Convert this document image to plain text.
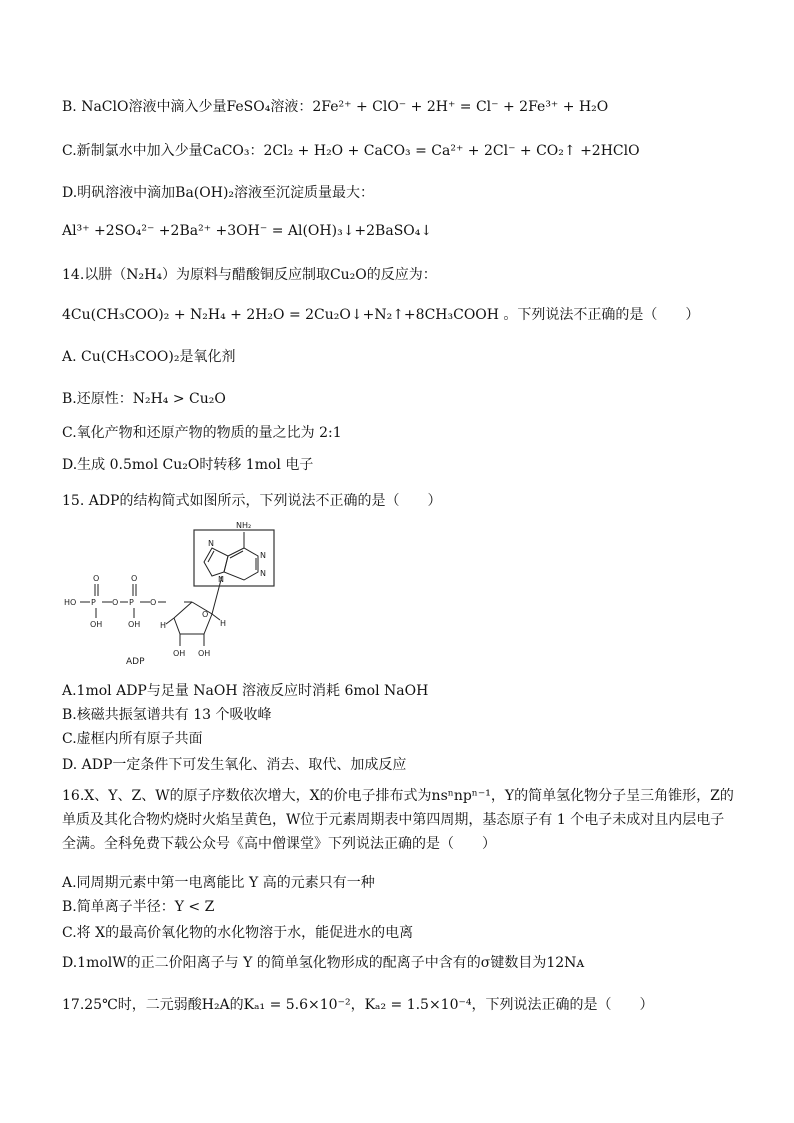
B. NaClO溶液中滴入少量FeSO₄溶液：2Fe²⁺ + ClO⁻ + 2H⁺ = Cl⁻ + 2Fe³⁺ + H₂O
C.新制氯水中加入少量CaCO₃：2Cl₂ + H₂O + CaCO₃ = Ca²⁺ + 2Cl⁻ + CO₂↑ +2HClO
D.明矾溶液中滴加Ba(OH)₂溶液至沉淀质量最大：
Al³⁺ +2SO₄²⁻ +2Ba²⁺ +3OH⁻ = Al(OH)₃↓+2BaSO₄↓
14.以肼（N₂H₄）为原料与醋酸铜反应制取Cu₂O的反应为：
4Cu(CH₃COO)₂ + N₂H₄ + 2H₂O = 2Cu₂O↓+N₂↑+8CH₃COOH 。下列说法不正确的是（　　）
A. Cu(CH₃COO)₂是氧化剂
B.还原性：N₂H₄ > Cu₂O
C.氧化产物和还原产物的物质的量之比为 2:1
D.生成 0.5mol Cu₂O时转移 1mol 电子
15. ADP的结构简式如图所示，下列说法不正确的是（　　）
NH₂
HO P
O
O P
O
O
OH	OH
O
H	H
OH OH
N
N
N
N
ADP
A.1mol ADP与足量 NaOH 溶液反应时消耗 6mol NaOH
B.核磁共振氢谱共有 13 个吸收峰
C.虚框内所有原子共面
D. ADP一定条件下可发生氧化、消去、取代、加成反应
16.X、Y、Z、W的原子序数依次增大，X的价电子排布式为nsⁿnpⁿ⁻¹，Y的简单氢化物分子呈三角锥形，Z的单质及其化合物灼烧时火焰呈黄色，W位于元素周期表中第四周期，基态原子有 1 个电子未成对且内层电子全满。全科免费下载公众号《高中僧课堂》下列说法正确的是（　　）
A.同周期元素中第一电离能比 Y 高的元素只有一种
B.简单离子半径：Y < Z
C.将 X的最高价氧化物的水化物溶于水，能促进水的电离
D.1molW的正二价阳离子与 Y 的简单氢化物形成的配离子中含有的σ键数目为12Nᴀ
17.25℃时，二元弱酸H₂A的Kₐ₁ = 5.6×10⁻²，Kₐ₂ = 1.5×10⁻⁴，下列说法正确的是（　　）
